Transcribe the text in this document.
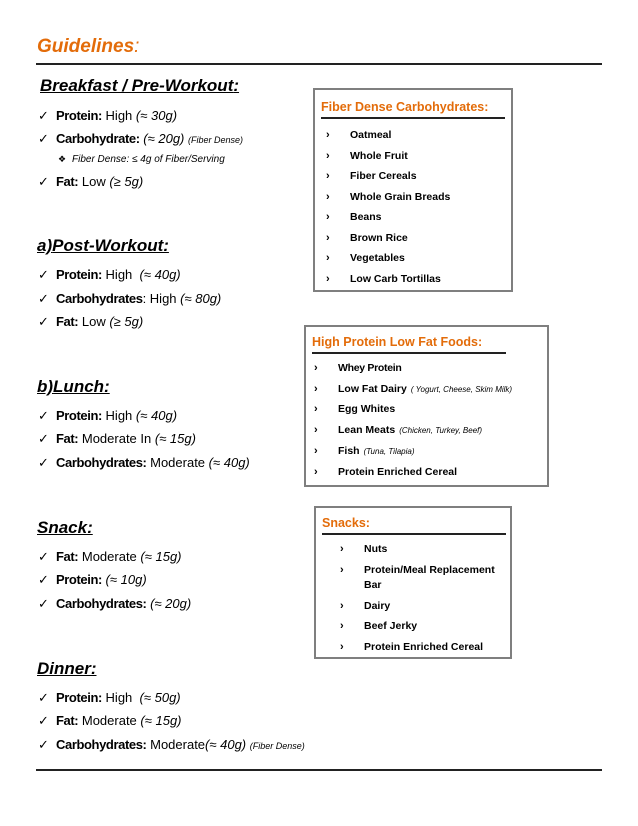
Guidelines:
Breakfast / Pre-Workout:
✓ Protein:
High
(≈ 30g)
✓ Carbohydrate:
(≈ 20g)
(Fiber Dense)
❖ Fiber Dense: ≤ 4g of Fiber/Serving
✓ Fat:
Low
(≥ 5g)
a)Post-Workout:
✓ Protein:
High
(≈ 40g)
✓ Carbohydrates : High
(≈ 80g)
✓ Fat:
Low
(≥ 5g)
b)Lunch:
✓ Protein:
High
(≈ 40g)
✓ Fat:
Moderate In
(≈ 15g)
✓ Carbohydrates:
Moderate
(≈ 40g)
Snack:
✓ Fat:
Moderate
(≈ 15g)
✓ Protein:
(≈ 10g)
✓ Carbohydrates:
(≈ 20g)
Dinner:
✓ Protein:
High
(≈ 50g)
✓ Fat:
Moderate
(≈ 15g)
✓ Carbohydrates:
Moderate (≈ 40g)
(Fiber Dense)
Fiber Dense Carbohydrates:
›	Oatmeal
›	Whole Fruit
›	Fiber Cereals
›	Whole Grain Breads
›	Beans
›	Brown Rice
›	Vegetables
›	Low Carb Tortillas
High Protein Low Fat Foods:
›	Whey Protein
›	Low Fat Dairy ( Yogurt, Cheese, Skim Milk)
›	Egg Whites
›	Lean Meats (Chicken, Turkey, Beef)
›	Fish (Tuna, Tilapia)
›	Protein Enriched Cereal
Snacks:
›	Nuts
›	Protein/Meal Replacement
Bar
›	Dairy
›	Beef Jerky
›	Protein Enriched Cereal
